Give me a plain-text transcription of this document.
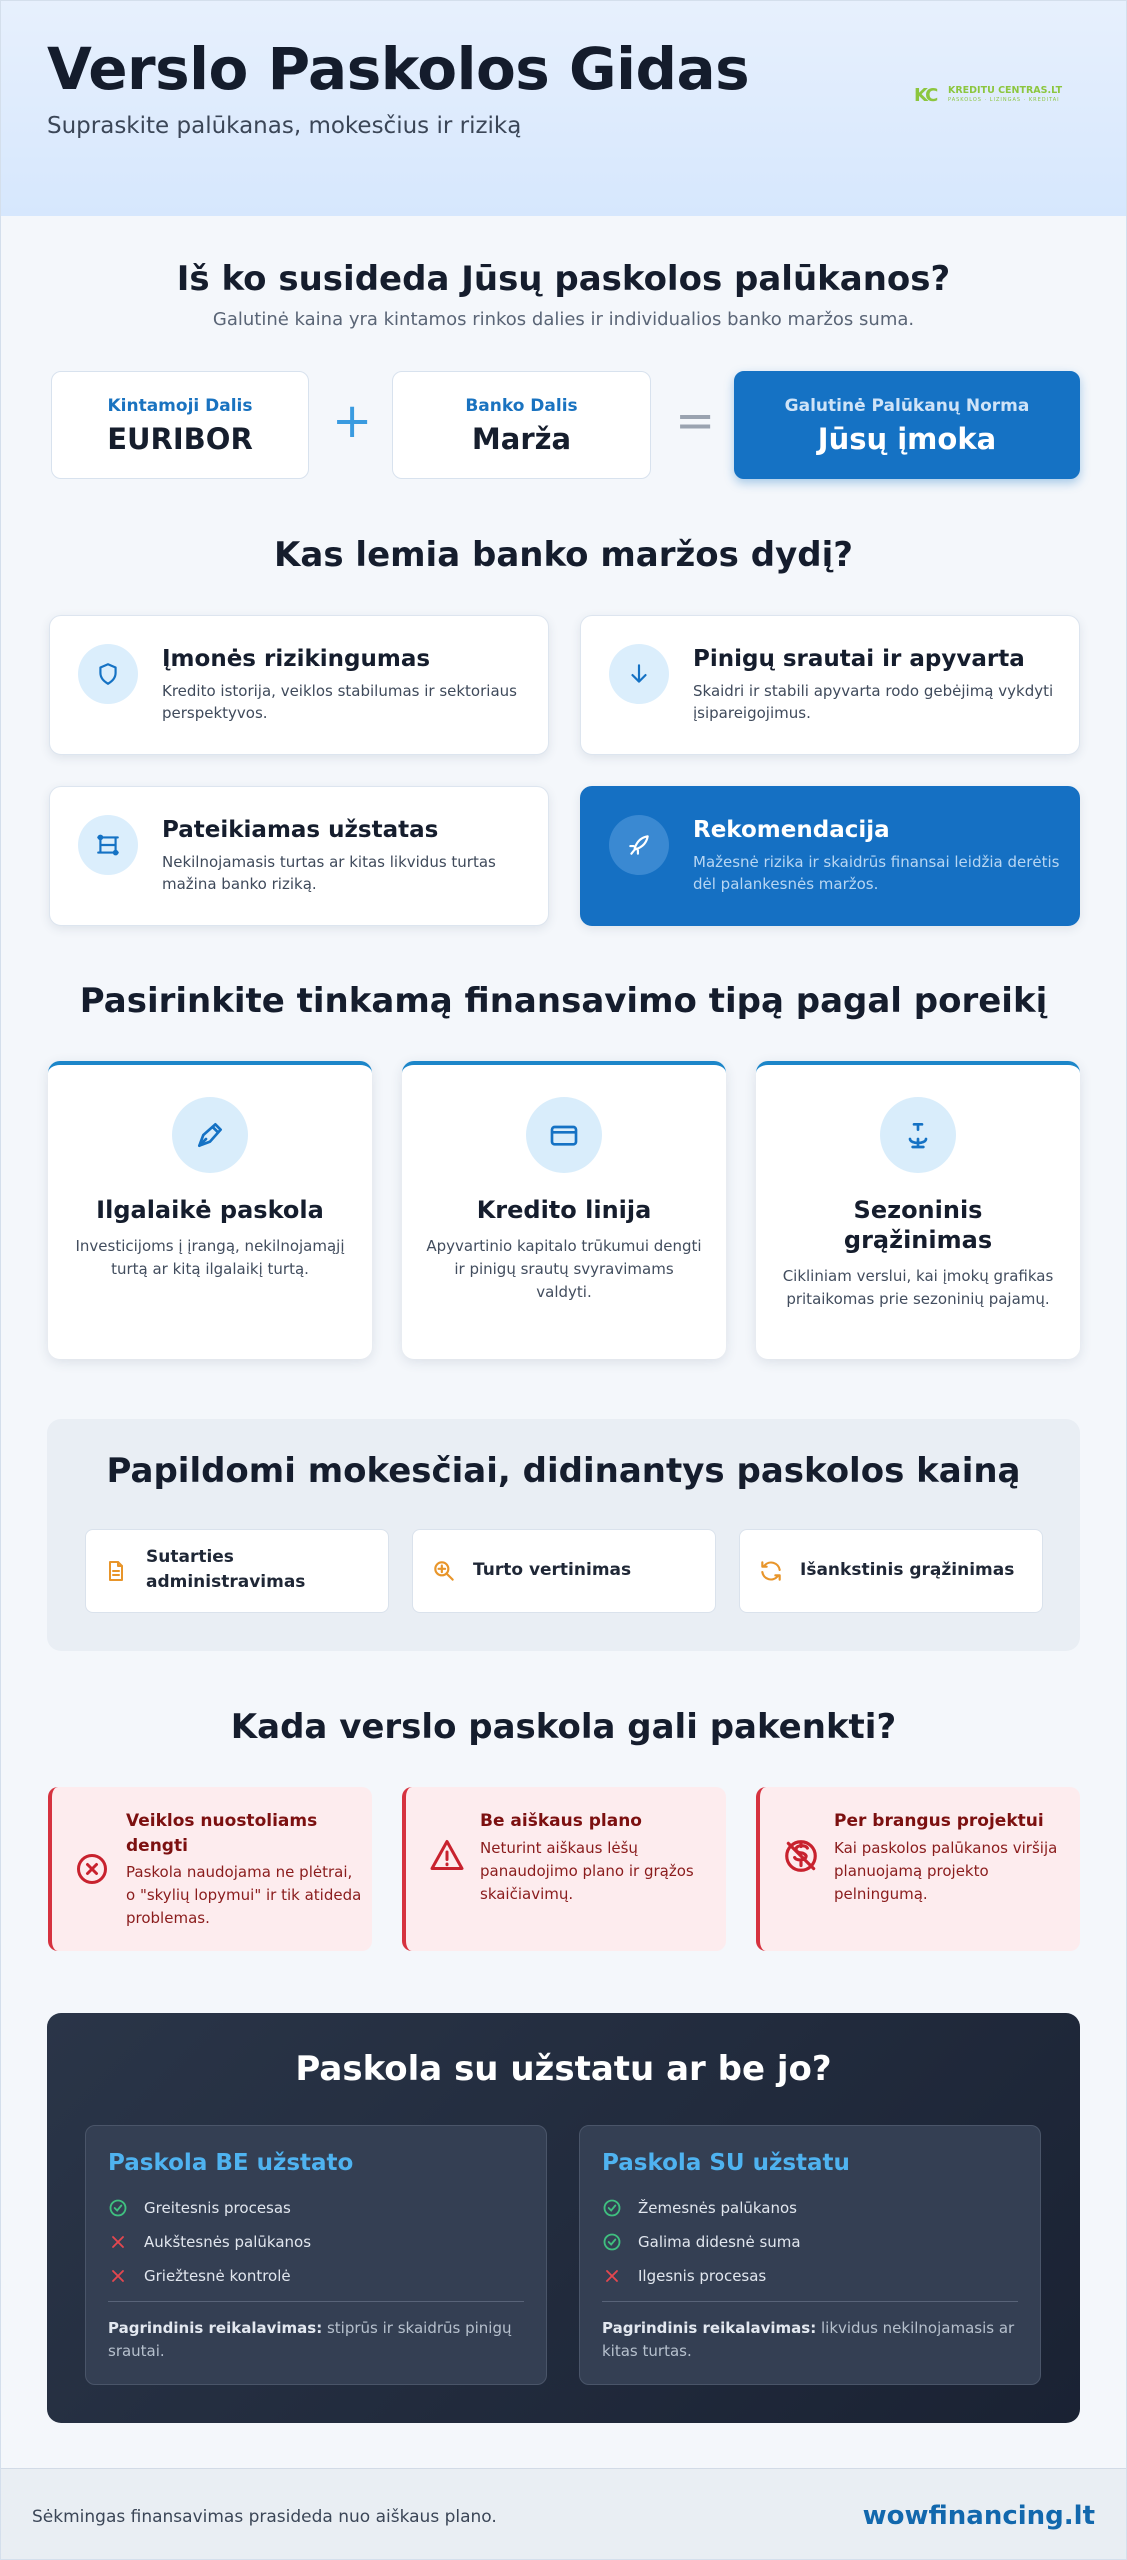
Verslo Paskolos Gidas
Supraskite palūkanas, mokesčius ir riziką
KC KREDITU CENTRAS.LT
PASKOLOS · LIZINGAS · KREDITAI
Iš ko susideda Jūsų paskolos palūkanos?
Galutinė kaina yra kintamos rinkos dalies ir individualios banko maržos suma.
Kintamoji Dalis
EURIBOR	+	Banko Dalis
Marža	=	Galutinė Palūkanų Norma
Jūsų įmoka
Kas lemia banko maržos dydį?
Įmonės rizikingumas
Kredito istorija, veiklos stabilumas ir sektoriaus perspektyvos.
Pinigų srautai ir apyvarta
Skaidri ir stabili apyvarta rodo gebėjimą vykdyti įsipareigojimus.
Pateikiamas užstatas
Nekilnojamasis turtas ar kitas likvidus turtas mažina banko riziką.
Rekomendacija
Mažesnė rizika ir skaidrūs finansai leidžia derėtis dėl palankesnės maržos.
Pasirinkite tinkamą finansavimo tipą pagal poreikį
Ilgalaikė paskola
Investicijoms į įrangą, nekilnojamąjį turtą ar kitą ilgalaikį turtą.
Kredito linija
Apyvartinio kapitalo trūkumui dengti ir pinigų srautų svyravimams valdyti.
Sezoninis grąžinimas
Cikliniam verslui, kai įmokų grafikas pritaikomas prie sezoninių pajamų.
Papildomi mokesčiai, didinantys paskolos kainą
Sutarties administravimas
Turto vertinimas	Išankstinis grąžinimas
Kada verslo paskola gali pakenkti?
Veiklos nuostoliams dengti
Paskola naudojama ne plėtrai, o "skylių lopymui" ir tik atideda problemas.
Be aiškaus plano
Neturint aiškaus lėšų panaudojimo plano ir grąžos skaičiavimų.
Per brangus projektui
Kai paskolos palūkanos viršija planuojamą projekto pelningumą.
Paskola su užstatu ar be jo?
Paskola BE užstato
Greitesnis procesas
Aukštesnės palūkanos
Griežtesnė kontrolė
Pagrindinis reikalavimas: stiprūs ir skaidrūs pinigų srautai.
Paskola SU užstatu
Žemesnės palūkanos
Galima didesnė suma
Ilgesnis procesas
Pagrindinis reikalavimas: likvidus nekilnojamasis ar kitas turtas.
Sėkmingas finansavimas prasideda nuo aiškaus plano.	wowfinancing.lt
